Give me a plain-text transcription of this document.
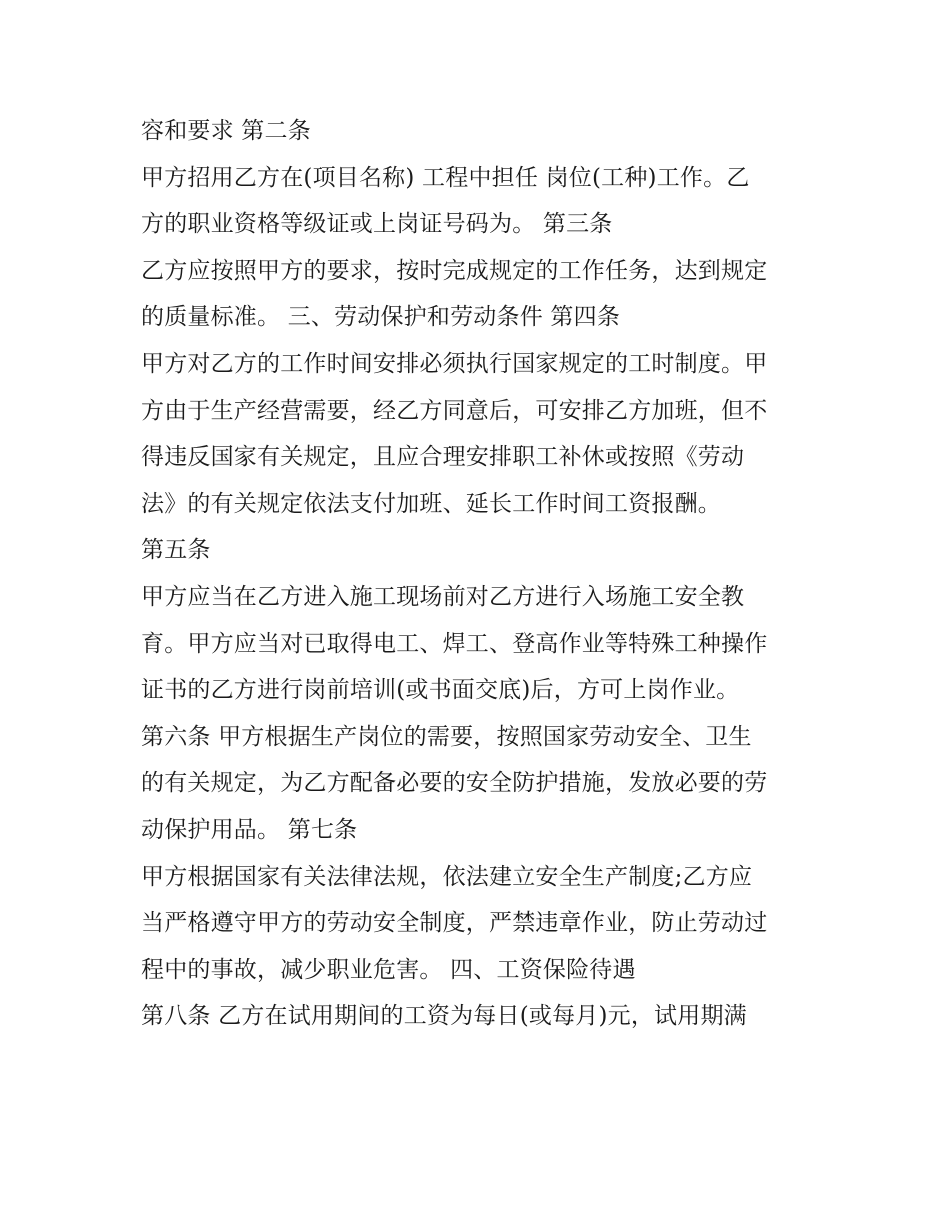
容和要求 第二条
甲方招用乙方在(项目名称) 工程中担任 岗位(工种)工作。乙
方的职业资格等级证或上岗证号码为。 第三条
乙方应按照甲方的要求，按时完成规定的工作任务，达到规定
的质量标准。 三、劳动保护和劳动条件 第四条
甲方对乙方的工作时间安排必须执行国家规定的工时制度。甲
方由于生产经营需要，经乙方同意后，可安排乙方加班，但不
得违反国家有关规定，且应合理安排职工补休或按照《劳动
法》的有关规定依法支付加班、延长工作时间工资报酬。
第五条
甲方应当在乙方进入施工现场前对乙方进行入场施工安全教
育。甲方应当对已取得电工、焊工、登高作业等特殊工种操作
证书的乙方进行岗前培训(或书面交底)后，方可上岗作业。
第六条 甲方根据生产岗位的需要，按照国家劳动安全、卫生
的有关规定，为乙方配备必要的安全防护措施，发放必要的劳
动保护用品。 第七条
甲方根据国家有关法律法规，依法建立安全生产制度;乙方应
当严格遵守甲方的劳动安全制度，严禁违章作业，防止劳动过
程中的事故，减少职业危害。 四、工资保险待遇
第八条 乙方在试用期间的工资为每日(或每月)元，试用期满
